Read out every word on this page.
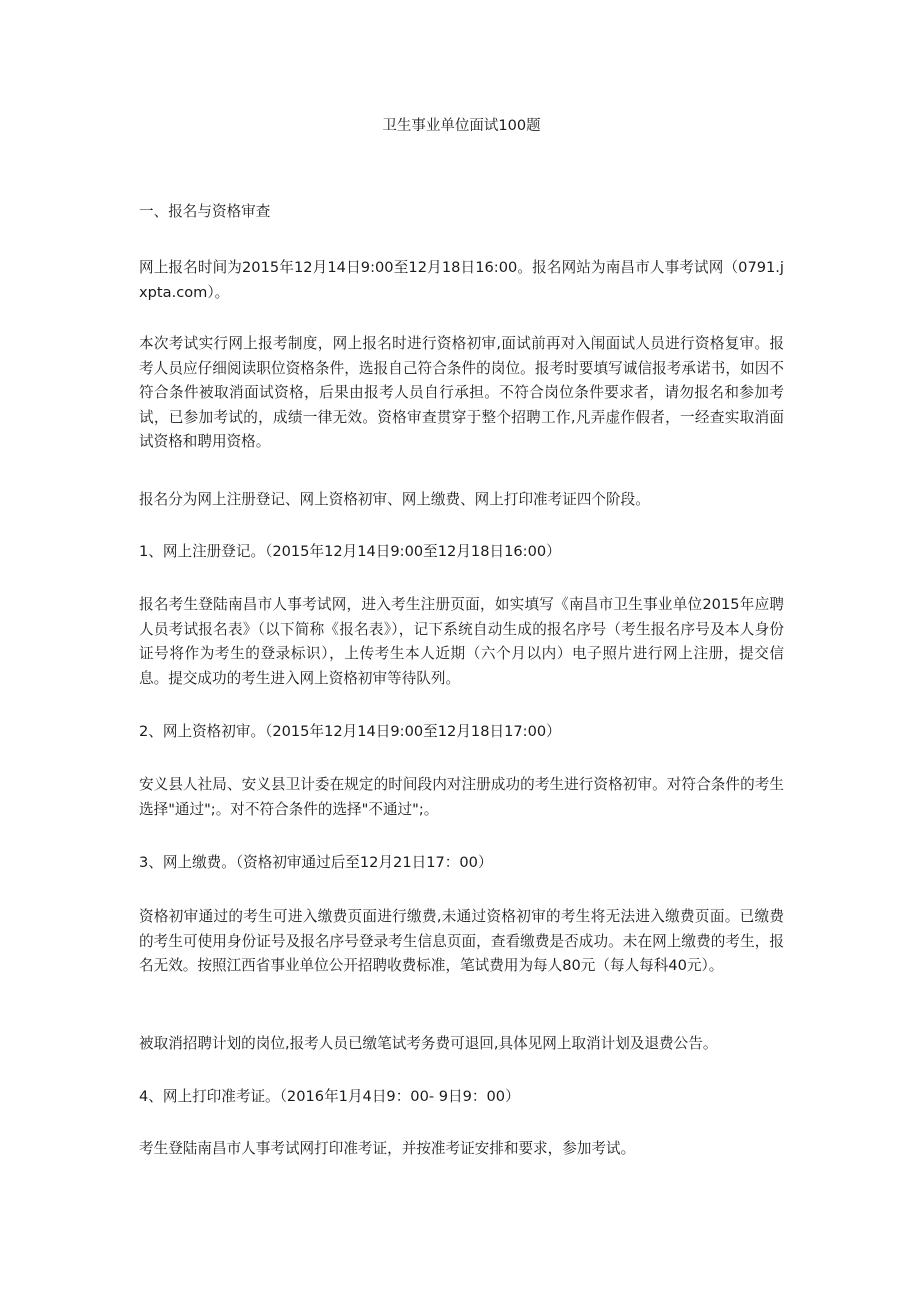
卫生事业单位面试100题

一、报名与资格审查

网上报名时间为2015年12月14日9:00至12月18日16:00。报名网站为南昌市人事考试网（0791.jxpta.com）。

本次考试实行网上报考制度，网上报名时进行资格初审,面试前再对入闱面试人员进行资格复审。报考人员应仔细阅读职位资格条件，选报自己符合条件的岗位。报考时要填写诚信报考承诺书，如因不符合条件被取消面试资格，后果由报考人员自行承担。不符合岗位条件要求者，请勿报名和参加考试，已参加考试的，成绩一律无效。资格审查贯穿于整个招聘工作,凡弄虚作假者，一经查实取消面试资格和聘用资格。

报名分为网上注册登记、网上资格初审、网上缴费、网上打印准考证四个阶段。

1、网上注册登记。（2015年12月14日9:00至12月18日16:00）

报名考生登陆南昌市人事考试网，进入考生注册页面，如实填写《南昌市卫生事业单位2015年应聘人员考试报名表》（以下简称《报名表》），记下系统自动生成的报名序号（考生报名序号及本人身份证号将作为考生的登录标识），上传考生本人近期（六个月以内）电子照片进行网上注册，提交信息。提交成功的考生进入网上资格初审等待队列。

2、网上资格初审。（2015年12月14日9:00至12月18日17:00）

安义县人社局、安义县卫计委在规定的时间段内对注册成功的考生进行资格初审。对符合条件的考生选择"通过";。对不符合条件的选择"不通过";。

3、网上缴费。（资格初审通过后至12月21日17：00）

资格初审通过的考生可进入缴费页面进行缴费,未通过资格初审的考生将无法进入缴费页面。已缴费的考生可使用身份证号及报名序号登录考生信息页面，查看缴费是否成功。未在网上缴费的考生，报名无效。按照江西省事业单位公开招聘收费标准，笔试费用为每人80元（每人每科40元）。

被取消招聘计划的岗位,报考人员已缴笔试考务费可退回,具体见网上取消计划及退费公告。

4、网上打印准考证。（2016年1月4日9：00- 9日9：00）

考生登陆南昌市人事考试网打印准考证，并按准考证安排和要求，参加考试。
